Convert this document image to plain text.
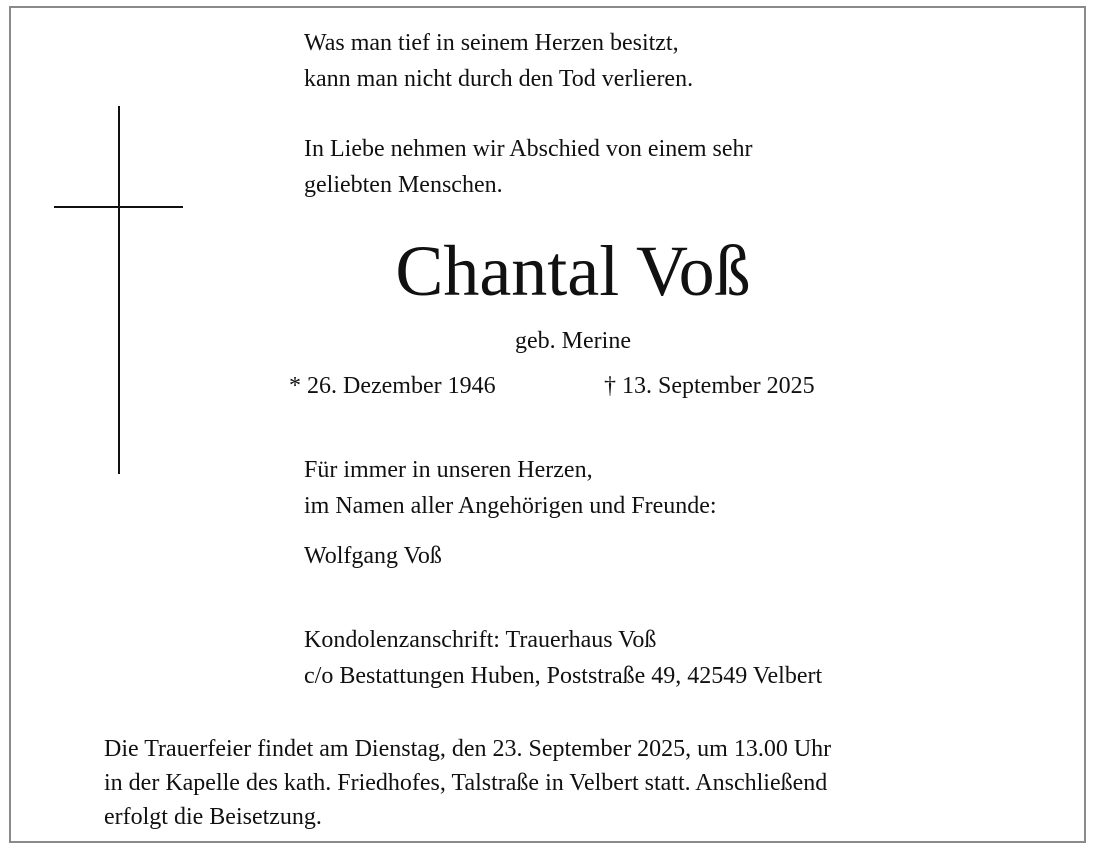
Was man tief in seinem Herzen besitzt,
kann man nicht durch den Tod verlieren.
In Liebe nehmen wir Abschied von einem sehr
geliebten Menschen.
Chantal Voß
geb. Merine
* 26. Dezember 1946	† 13. September 2025
Für immer in unseren Herzen,
im Namen aller Angehörigen und Freunde:
Wolfgang Voß
Kondolenzanschrift: Trauerhaus Voß
c/o Bestattungen Huben, Poststraße 49, 42549 Velbert
Die Trauerfeier findet am Dienstag, den 23. September 2025, um 13.00 Uhr
in der Kapelle des kath. Friedhofes, Talstraße in Velbert statt. Anschließend
erfolgt die Beisetzung.
